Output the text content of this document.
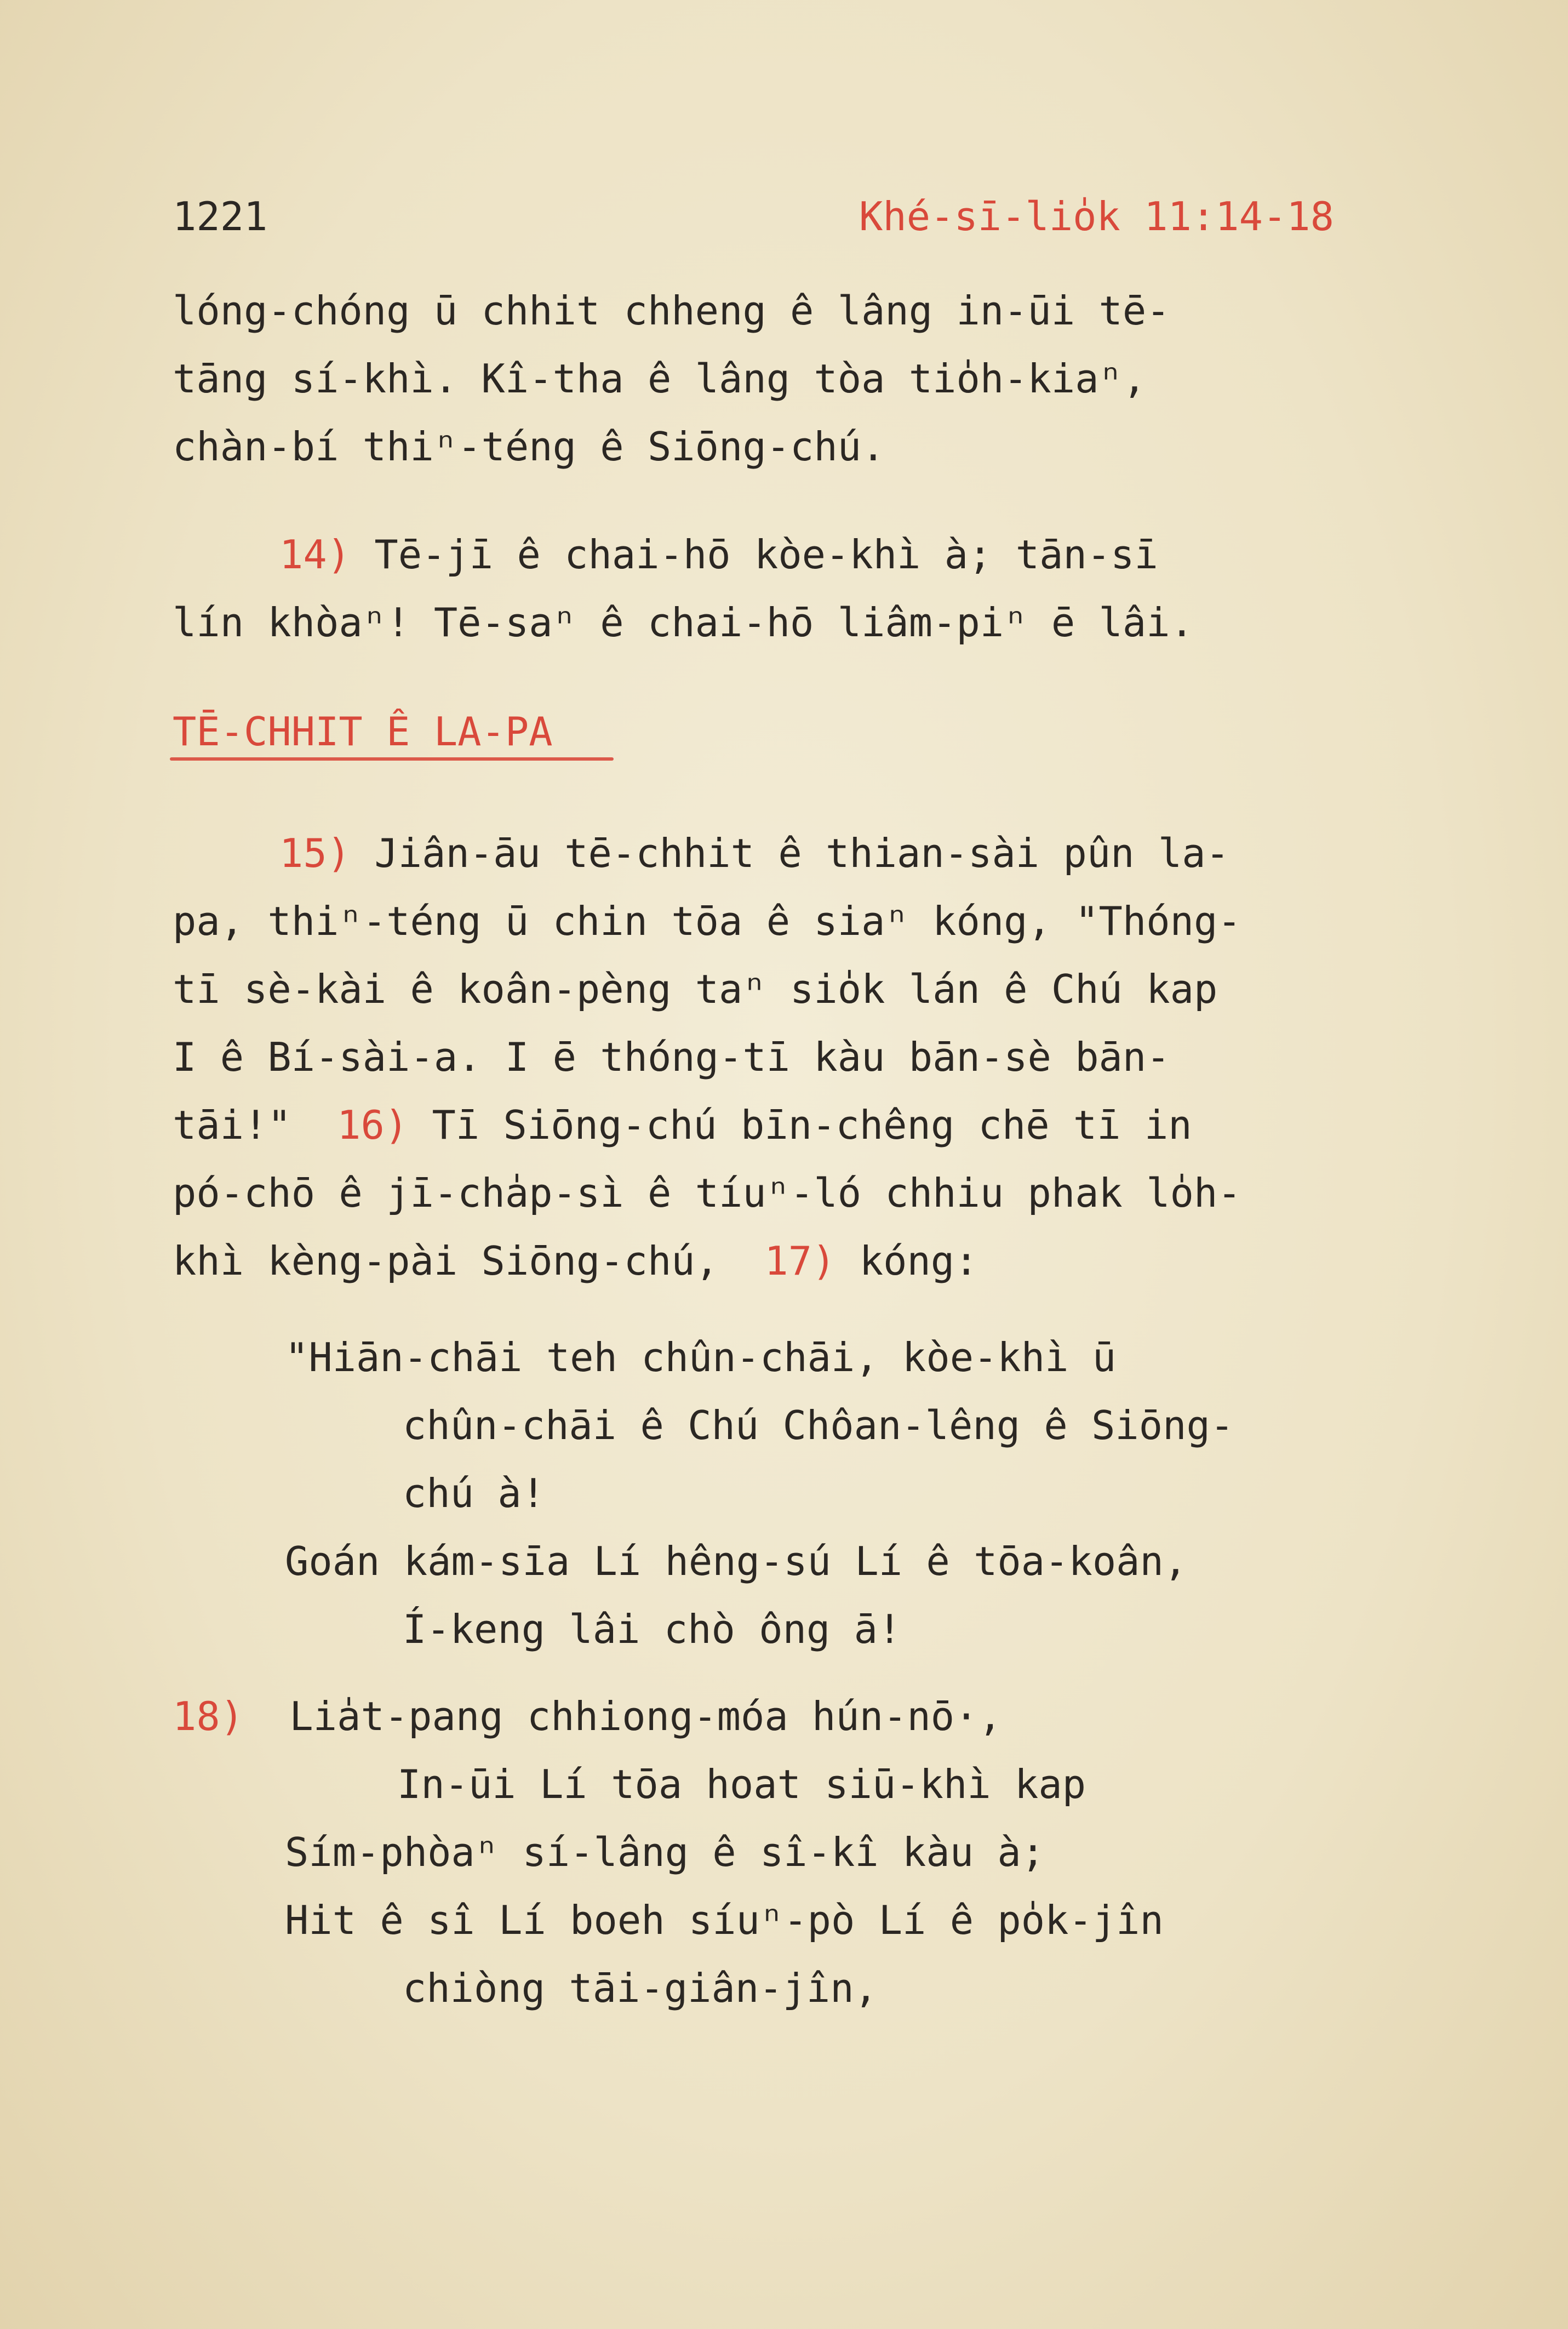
1221	Khé-sī-lio̍k 11:14-18
lóng-chóng ū chhit chheng ê lâng in-ūi tē-
tāng sí-khì. Kî-tha ê lâng tòa tio̍h-kiaⁿ,
chàn-bí thiⁿ-téng ê Siōng-chú.
14) Tē-jī ê chai-hō kòe-khì à; tān-sī
lín khòaⁿ! Tē-saⁿ ê chai-hō liâm-piⁿ ē lâi.
TĒ-CHHIT Ê LA-PA
15) Jiân-āu tē-chhit ê thian-sài pûn la-
pa, thiⁿ-téng ū chin tōa ê siaⁿ kóng, "Thóng-
tī sè-kài ê koân-pèng taⁿ sio̍k lán ê Chú kap
I ê Bí-sài-a. I ē thóng-tī kàu bān-sè bān-
tāi!" 16) Tī Siōng-chú bīn-chêng chē tī in
pó-chō ê jī-cha̍p-sì ê tíuⁿ-ló chhiu phak lo̍h-
khì kèng-pài Siōng-chú, 17) kóng:
"Hiān-chāi teh chûn-chāi, kòe-khì ū
chûn-chāi ê Chú Chôan-lêng ê Siōng-
chú à!
Goán kám-sīa Lí hêng-sú Lí ê tōa-koân,
Í-keng lâi chò ông ā!
18) Lia̍t-pang chhiong-móa hún-nō·,
In-ūi Lí tōa hoat siū-khì kap
Sím-phòaⁿ sí-lâng ê sî-kî kàu à;
Hit ê sî Lí boeh síuⁿ-pò Lí ê po̍k-jîn
chiòng tāi-giân-jîn,
